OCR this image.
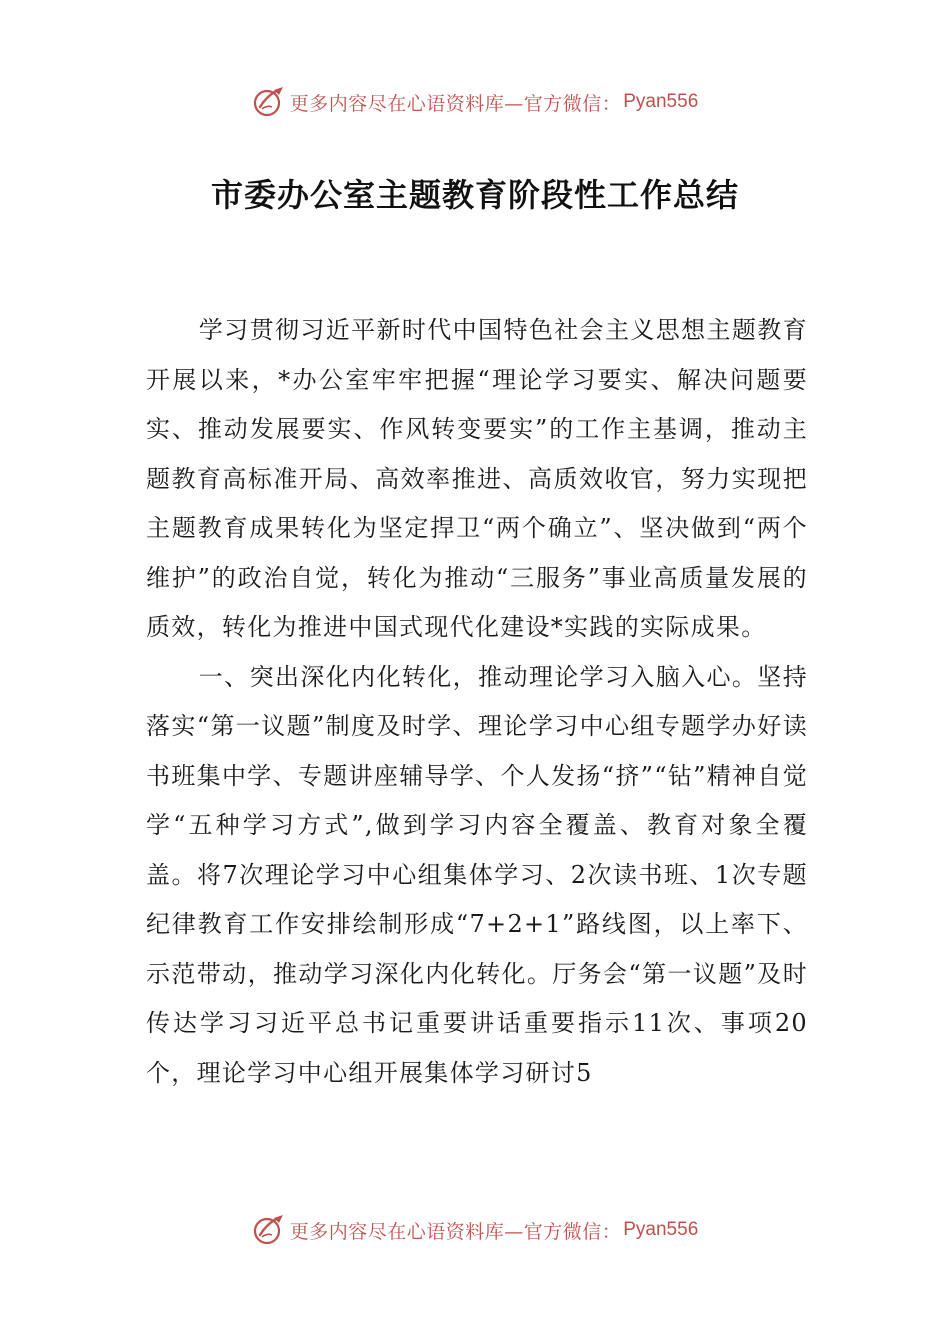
更多内容尽在心语资料库—官方微信： Pyan556
市委办公室主题教育阶段性工作总结

学习贯彻习近平新时代中国特色社会主义思想主题教育开展以来，*办公室牢牢把握“理论学习要实、解决问题要实、推动发展要实、作风转变要实”的工作主基调，推动主题教育高标准开局、高效率推进、高质效收官，努力实现把主题教育成果转化为坚定捍卫“两个确立”、坚决做到“两个维护”的政治自觉，转化为推动“三服务”事业高质量发展的质效，转化为推进中国式现代化建设*实践的实际成果。

一、突出深化内化转化，推动理论学习入脑入心。坚持落实“第一议题”制度及时学、理论学习中心组专题学办好读书班集中学、专题讲座辅导学、个人发扬“挤”“钻”精神自觉学“五种学习方式”,做到学习内容全覆盖、教育对象全覆盖。将7次理论学习中心组集体学习、2次读书班、1次专题纪律教育工作安排绘制形成“7+2+1”路线图，以上率下、示范带动，推动学习深化内化转化。厅务会“第一议题”及时传达学习习近平总书记重要讲话重要指示11次、事项20个，理论学习中心组开展集体学习研讨5

更多内容尽在心语资料库—官方微信： Pyan556
